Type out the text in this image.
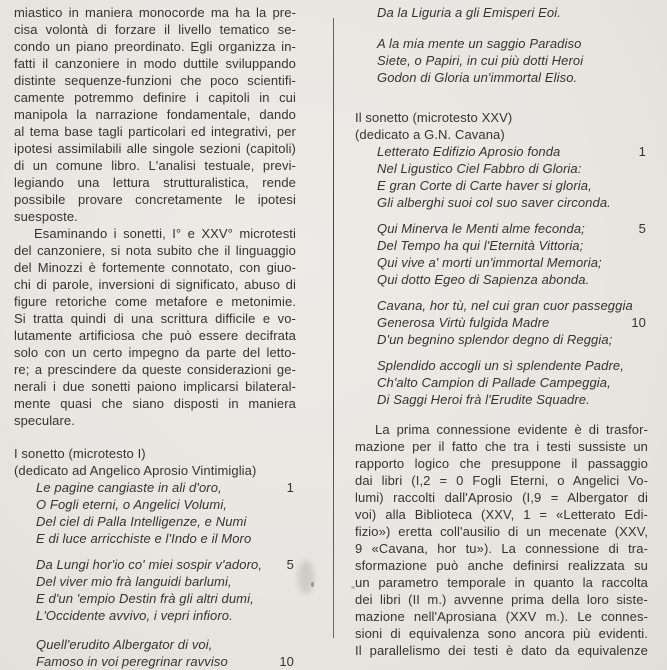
miastico in maniera monocorde ma ha la pre-
cisa volontà di forzare il livello tematico se-
condo un piano preordinato. Egli organizza in-
fatti il canzoniere in modo duttile sviluppando
distinte sequenze-funzioni che poco scientifi-
camente potremmo definire i capitoli in cui
manipola la narrazione fondamentale, dando
al tema base tagli particolari ed integrativi, per
ipotesi assimilabili alle singole sezioni (capitoli)
di un comune libro. L'analisi testuale, previ-
legiando una lettura strutturalistica, rende
possibile provare concretamente le ipotesi
suesposte.
Esaminando i sonetti, I° e XXV° microtesti
del canzoniere, si nota subito che il linguaggio
del Minozzi è fortemente connotato, con giuo-
chi di parole, inversioni di significato, abuso di
figure retoriche come metafore e metonimie.
Si tratta quindi di una scrittura difficile e vo-
lutamente artificiosa che può essere decifrata
solo con un certo impegno da parte del letto-
re; a prescindere da queste considerazioni ge-
nerali i due sonetti paiono implicarsi bilateral-
mente quasi che siano disposti in maniera
speculare.
I sonetto (microtesto I)
(dedicato ad Angelico Aprosio Vintimiglia)
Le pagine cangiaste in ali d'oro,	1
O Fogli eterni, o Angelici Volumi,
Del ciel di Palla Intelligenze, e Numi
E di luce arricchiste e l'Indo e il Moro
Da Lungi hor'io co' miei sospir v'adoro, 5
Del viver mio frà languidi barlumi,
E d'un 'empio Destin frà gli altri dumi,
L'Occidente avvivo, i vepri infioro.
Quell'erudito Albergator di voi,
Famoso in voi peregrinar ravviso	10
Da la Liguria a gli Emisperi Eoi.
A la mia mente un saggio Paradiso
Siete, o Papiri, in cui più dotti Heroi
Godon di Gloria un'immortal Eliso.
Il sonetto (microtesto XXV)
(dedicato a G.N. Cavana)
Letterato Edifizio Aprosio fonda	1
Nel Ligustico Ciel Fabbro di Gloria:
E gran Corte di Carte haver si gloria,
Gli alberghi suoi col suo saver circonda.
Qui Minerva le Menti alme feconda;	5
Del Tempo ha qui l'Eternità Vittoria;
Qui vive a' morti un'immortal Memoria;
Qui dotto Egeo di Sapienza abonda.
Cavana, hor tù, nel cui gran cuor passeggia
Generosa Virtù fulgida Madre	10
D'un begnino splendor degno di Reggia;
Splendido accogli un sì splendente Padre,
Ch'alto Campion di Pallade Campeggia,
Di Saggi Heroi frà l'Erudite Squadre.
La prima connessione evidente è di trasfor-
mazione per il fatto che tra i testi sussiste un
rapporto logico che presuppone il passaggio
dai libri (I,2 = 0 Fogli Eterni, o Angelici Vo-
lumi) raccolti dall'Aprosio (I,9 = Albergator di
voi) alla Biblioteca (XXV, 1 = «Letterato Edi-
fizio») eretta coll'ausilio di un mecenate (XXV,
9 «Cavana, hor tu»). La connessione di tra-
sformazione può anche definirsi realizzata su
un parametro temporale in quanto la raccolta
dei libri (II m.) avvenne prima della loro siste-
mazione nell'Aprosiana (XXV m.). Le connes-
sioni di equivalenza sono ancora più evidenti.
Il parallelismo dei testi è dato da equivalenze
